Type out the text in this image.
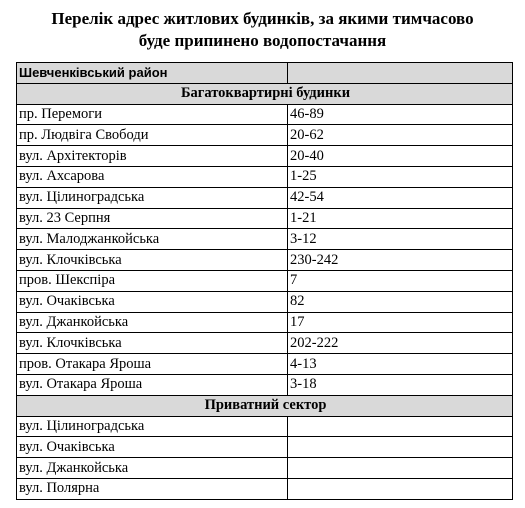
Перелік адрес житлових будинків, за якими тимчасово
буде припинено водопостачання
Шевченківський район	
Багатоквартирні будинки	
пр. Перемоги	46-89
пр. Людвіга Свободи	20-62
вул. Архітекторів	20-40
вул. Ахсарова	1-25
вул. Цілиноградська	42-54
вул. 23 Серпня	1-21
вул. Малоджанкойська	3-12
вул. Клочківська	230-242
пров. Шекспіра	7
вул. Очаківська	82
вул. Джанкойська	17
вул. Клочківська	202-222
пров. Отакара Яроша	4-13
вул. Отакара Яроша	3-18
Приватний сектор	
вул. Цілиноградська	
вул. Очаківська	
вул. Джанкойська	
вул. Полярна	
